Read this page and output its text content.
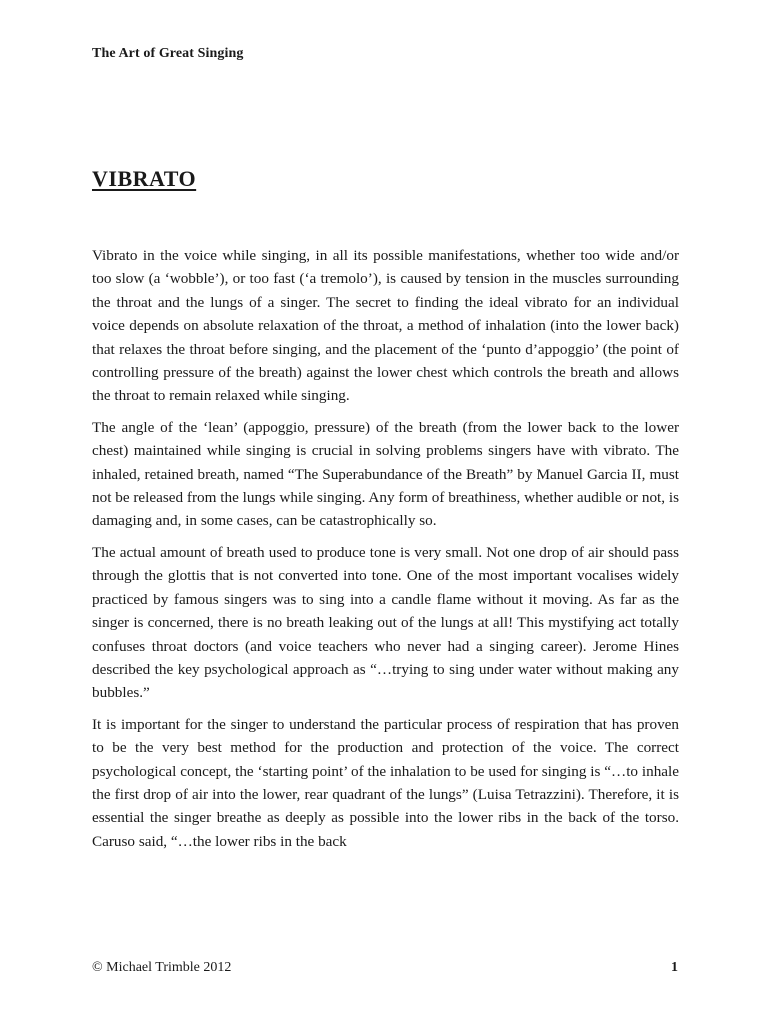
The Art of Great Singing
VIBRATO

Vibrato in the voice while singing, in all its possible manifestations, whether too wide and/or too slow (a ‘wobble’), or too fast (‘a tremolo’), is caused by tension in the muscles surrounding the throat and the lungs of a singer. The secret to finding the ideal vibrato for an individual voice depends on absolute relaxation of the throat, a method of inhalation (into the lower back) that relaxes the throat before singing, and the placement of the ‘punto d’appoggio’ (the point of controlling pressure of the breath) against the lower chest which controls the breath and allows the throat to remain relaxed while singing.

The angle of the ‘lean’ (appoggio, pressure) of the breath (from the lower back to the lower chest) maintained while singing is crucial in solving problems singers have with vibrato. The inhaled, retained breath, named “The Superabundance of the Breath” by Manuel Garcia II, must not be released from the lungs while singing. Any form of breathiness, whether audible or not, is damaging and, in some cases, can be catastrophically so.

The actual amount of breath used to produce tone is very small. Not one drop of air should pass through the glottis that is not converted into tone. One of the most important vocalises widely practiced by famous singers was to sing into a candle flame without it moving. As far as the singer is concerned, there is no breath leaking out of the lungs at all! This mystifying act totally confuses throat doctors (and voice teachers who never had a singing career). Jerome Hines described the key psychological approach as “…trying to sing under water without making any bubbles.”

It is important for the singer to understand the particular process of respiration that has proven to be the very best method for the production and protection of the voice. The correct psychological concept, the ‘starting point’ of the inhalation to be used for singing is “…to inhale the first drop of air into the lower, rear quadrant of the lungs” (Luisa Tetrazzini). Therefore, it is essential the singer breathe as deeply as possible into the lower ribs in the back of the torso. Caruso said, “…the lower ribs in the back

© Michael Trimble 2012	1
